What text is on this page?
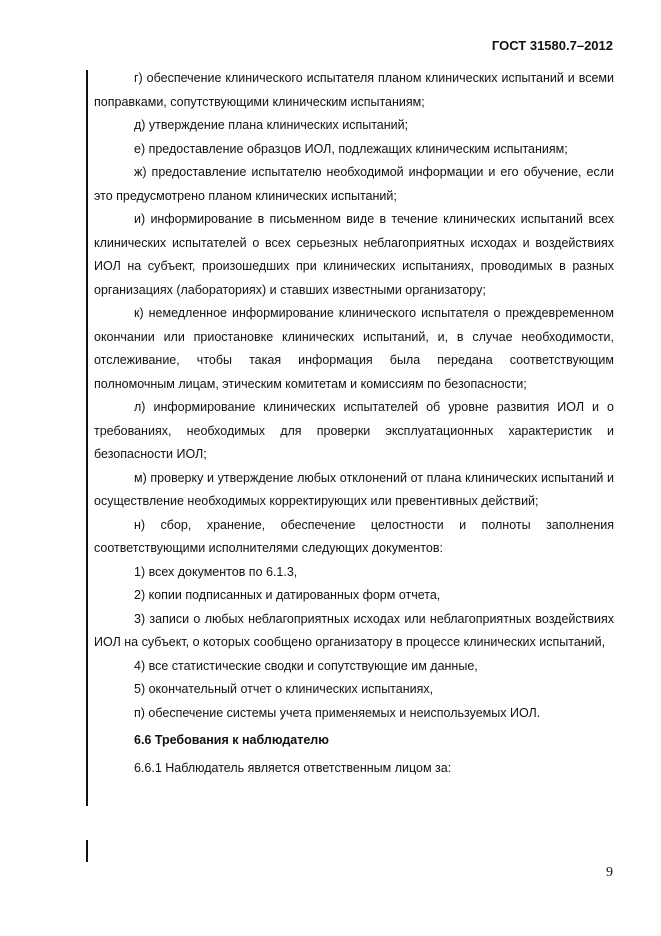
ГОСТ 31580.7–2012
г) обеспечение клинического испытателя планом клинических испытаний и всеми поправками, сопутствующими клиническим испытаниям;
д) утверждение плана клинических испытаний;
е) предоставление образцов ИОЛ, подлежащих клиническим испытаниям;
ж) предоставление испытателю необходимой информации и его обучение, если это предусмотрено планом клинических испытаний;
и) информирование в письменном виде в течение клинических испытаний всех клинических испытателей о всех серьезных неблагоприятных исходах и воздействиях ИОЛ на субъект, произошедших при клинических испытаниях, проводимых в разных организациях (лабораториях) и ставших известными организатору;
к) немедленное информирование клинического испытателя о преждевременном окончании или приостановке клинических испытаний, и, в случае необходимости, отслеживание, чтобы такая информация была передана соответствующим полномочным лицам, этическим комитетам и комиссиям по безопасности;
л) информирование клинических испытателей об уровне развития ИОЛ и о требованиях, необходимых для проверки эксплуатационных характеристик и безопасности ИОЛ;
м) проверку и утверждение любых отклонений от плана клинических испытаний и осуществление необходимых корректирующих или превентивных действий;
н) сбор, хранение, обеспечение целостности и полноты заполнения соответствующими исполнителями следующих документов:
1) всех документов по 6.1.3,
2) копии подписанных и датированных форм отчета,
3) записи о любых неблагоприятных исходах или неблагоприятных воздействиях ИОЛ на субъект, о которых сообщено организатору в процессе клинических испытаний,
4) все статистические сводки и сопутствующие им данные,
5) окончательный отчет о клинических испытаниях,
п) обеспечение системы учета применяемых и неиспользуемых ИОЛ.
6.6 Требования к наблюдателю
6.6.1 Наблюдатель является ответственным лицом за:
9
